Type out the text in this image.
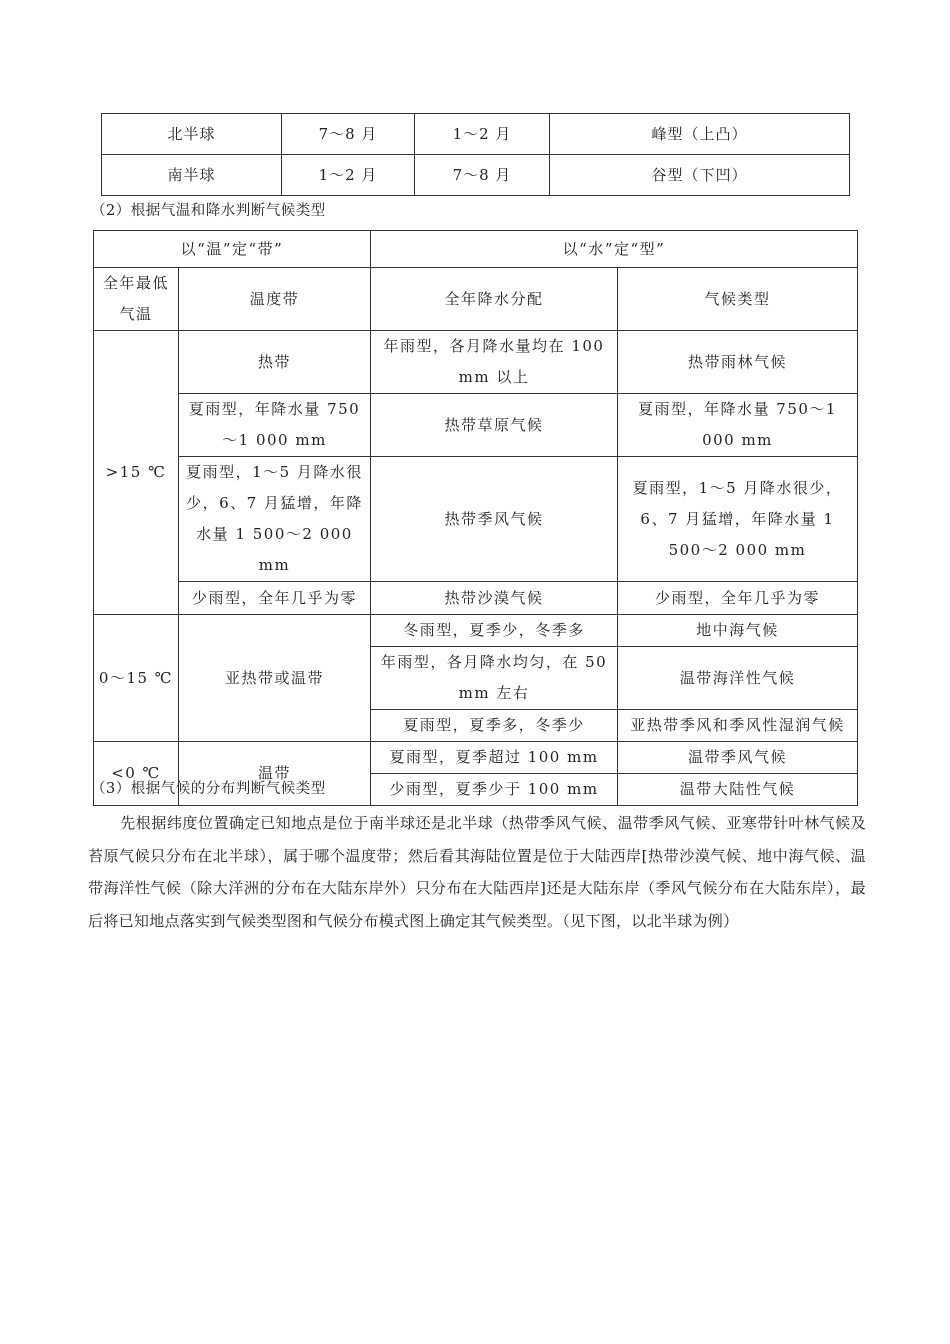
北半球	7～8 月	1～2 月	峰型（上凸）
南半球	1～2 月	7～8 月	谷型（下凹）
（2）根据气温和降水判断气候类型
以“温”定“带”		以“水”定“型”	
全年最低气温	温度带	全年降水分配	气候类型
>15 ℃	热带	年雨型，各月降水量均在 100 mm 以上	热带雨林气候
	夏雨型，年降水量 750～1 000 mm	热带草原气候	夏雨型，年降水量 750～1 000 mm
	夏雨型，1～5 月降水很少，6、7 月猛增，年降水量 1 500～2 000 mm	热带季风气候	夏雨型，1～5 月降水很少，6、7 月猛增，年降水量 1 500～2 000 mm
	少雨型，全年几乎为零	热带沙漠气候	少雨型，全年几乎为零
0～15 ℃	亚热带或温带	冬雨型，夏季少，冬季多	地中海气候
		年雨型，各月降水均匀，在 50 mm 左右	温带海洋性气候
		夏雨型，夏季多，冬季少	亚热带季风和季风性湿润气候
<0 ℃	温带	夏雨型，夏季超过 100 mm	温带季风气候
		少雨型，夏季少于 100 mm	温带大陆性气候
（3）根据气候的分布判断气候类型
先根据纬度位置确定已知地点是位于南半球还是北半球（热带季风气候、温带季风气候、亚寒带针叶林气候及苔原气候只分布在北半球），属于哪个温度带；然后看其海陆位置是位于大陆西岸[热带沙漠气候、地中海气候、温带海洋性气候（除大洋洲的分布在大陆东岸外）只分布在大陆西岸]还是大陆东岸（季风气候分布在大陆东岸），最后将已知地点落实到气候类型图和气候分布模式图上确定其气候类型。（见下图，以北半球为例）
